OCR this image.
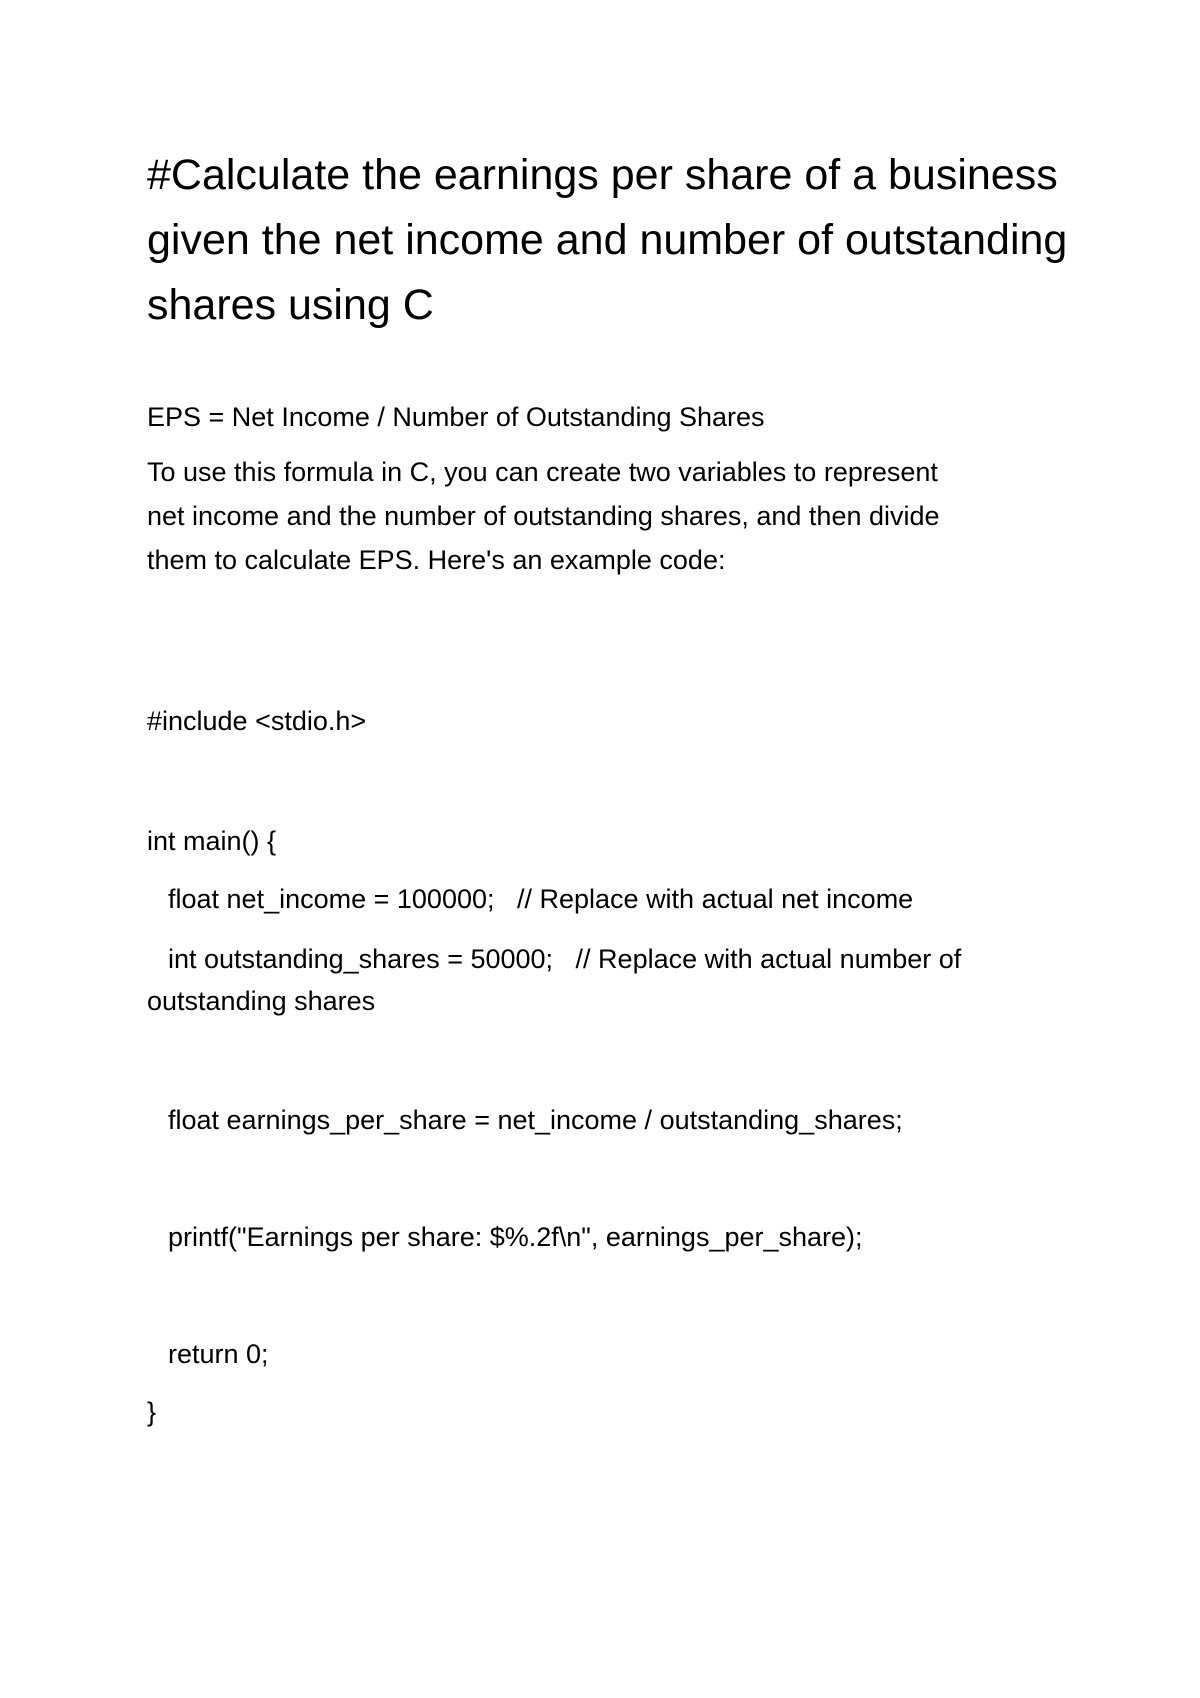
#Calculate the earnings per share of a business given the net income and number of outstanding shares using C

EPS = Net Income / Number of Outstanding Shares

To use this formula in C, you can create two variables to represent

net income and the number of outstanding shares, and then divide

them to calculate EPS. Here's an example code:

#include <stdio.h>

int main() {

float net_income = 100000;   // Replace with actual net income

int outstanding_shares = 50000;   // Replace with actual number of

outstanding shares

float earnings_per_share = net_income / outstanding_shares;

printf("Earnings per share: $%.2f\n", earnings_per_share);

return 0;

}
